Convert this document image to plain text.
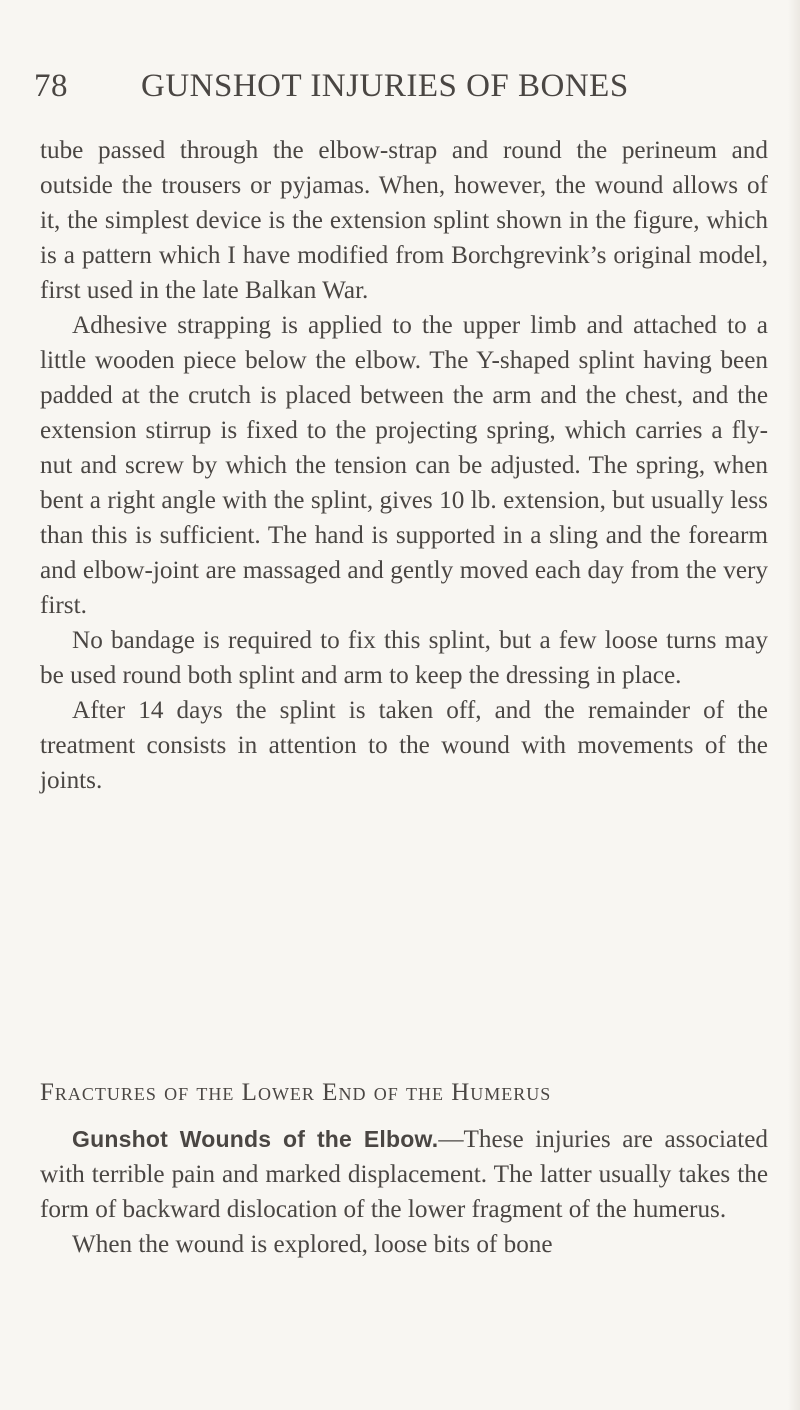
78 GUNSHOT INJURIES OF BONES

tube passed through the elbow-strap and round the perineum and outside the trousers or pyjamas. When, however, the wound allows of it, the simplest device is the extension splint shown in the figure, which is a pattern which I have modified from Borchgrevink’s original model, first used in the late Balkan War.

Adhesive strapping is applied to the upper limb and attached to a little wooden piece below the elbow. The Y-shaped splint having been padded at the crutch is placed between the arm and the chest, and the extension stirrup is fixed to the projecting spring, which carries a fly-nut and screw by which the tension can be adjusted. The spring, when bent a right angle with the splint, gives 10 lb. extension, but usually less than this is sufficient. The hand is supported in a sling and the forearm and elbow-joint are massaged and gently moved each day from the very first.

No bandage is required to fix this splint, but a few loose turns may be used round both splint and arm to keep the dressing in place.

After 14 days the splint is taken off, and the remainder of the treatment consists in attention to the wound with movements of the joints.

Fractures of the Lower End of the Humerus

Gunshot Wounds of the Elbow.—These injuries are associated with terrible pain and marked displacement. The latter usually takes the form of backward dislocation of the lower fragment of the humerus.

When the wound is explored, loose bits of bone
